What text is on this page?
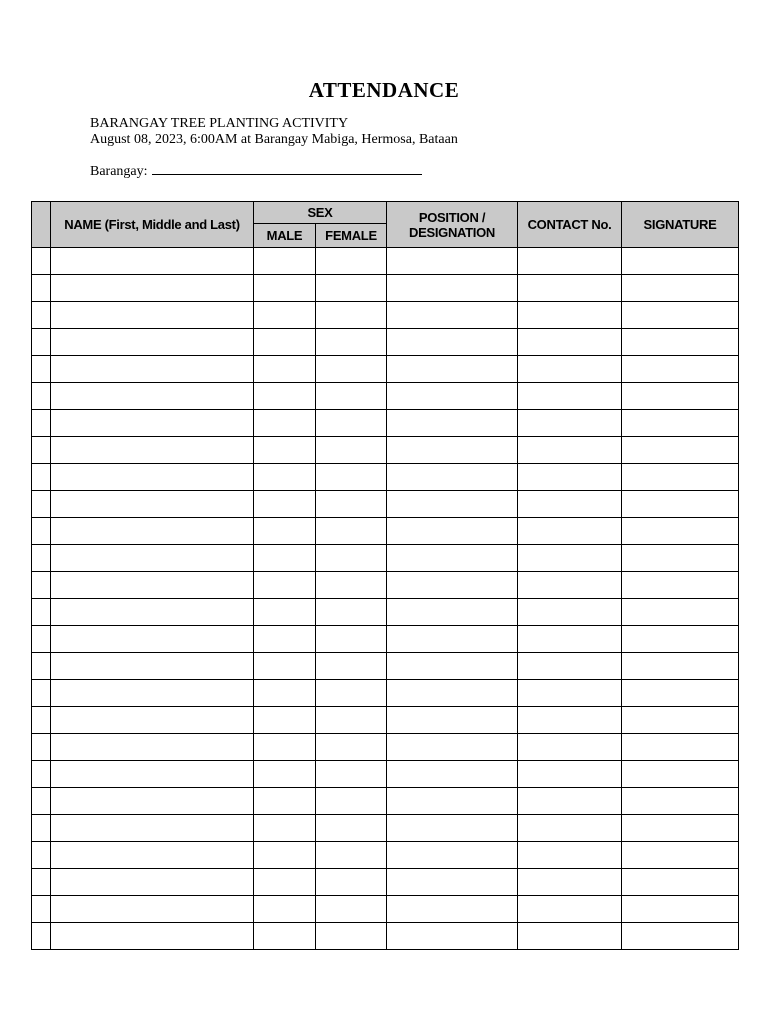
ATTENDANCE
BARANGAY TREE PLANTING ACTIVITY
August 08, 2023, 6:00AM at Barangay Mabiga, Hermosa, Bataan
Barangay:
	NAME (First, Middle and Last)	SEX		POSITION / DESIGNATION	CONTACT No.	SIGNATURE
		MALE	FEMALE			
